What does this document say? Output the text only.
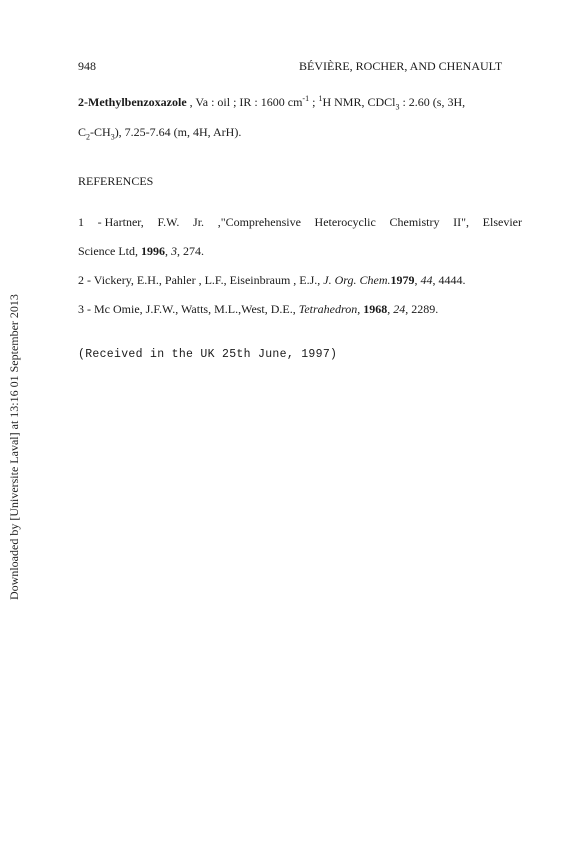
948	BÉVIÈRE, ROCHER, AND CHENAULT
2-Methylbenzoxazole , Va : oil ; IR : 1600 $cm^{-1}$ ; $^1$H NMR, CDCl$_3$ : 2.60 (s, 3H,
$C_2-CH_3$), 7.25-7.64 (m, 4H, ArH).
REFERENCES
1 - Hartner, F.W. Jr. ,"Comprehensive Heterocyclic Chemistry II", Elsevier
Science Ltd, 1996, 3, 274.
2 - Vickery, E.H., Pahler , L.F., Eiseinbraum , E.J., J. Org. Chem.1979, 44, 4444.
3 - Mc Omie, J.F.W., Watts, M.L.,West, D.E., Tetrahedron, 1968, 24, 2289.
(Received in the UK 25th June, 1997)
Downloaded by [Universite Laval] at 13:16 01 September 2013
